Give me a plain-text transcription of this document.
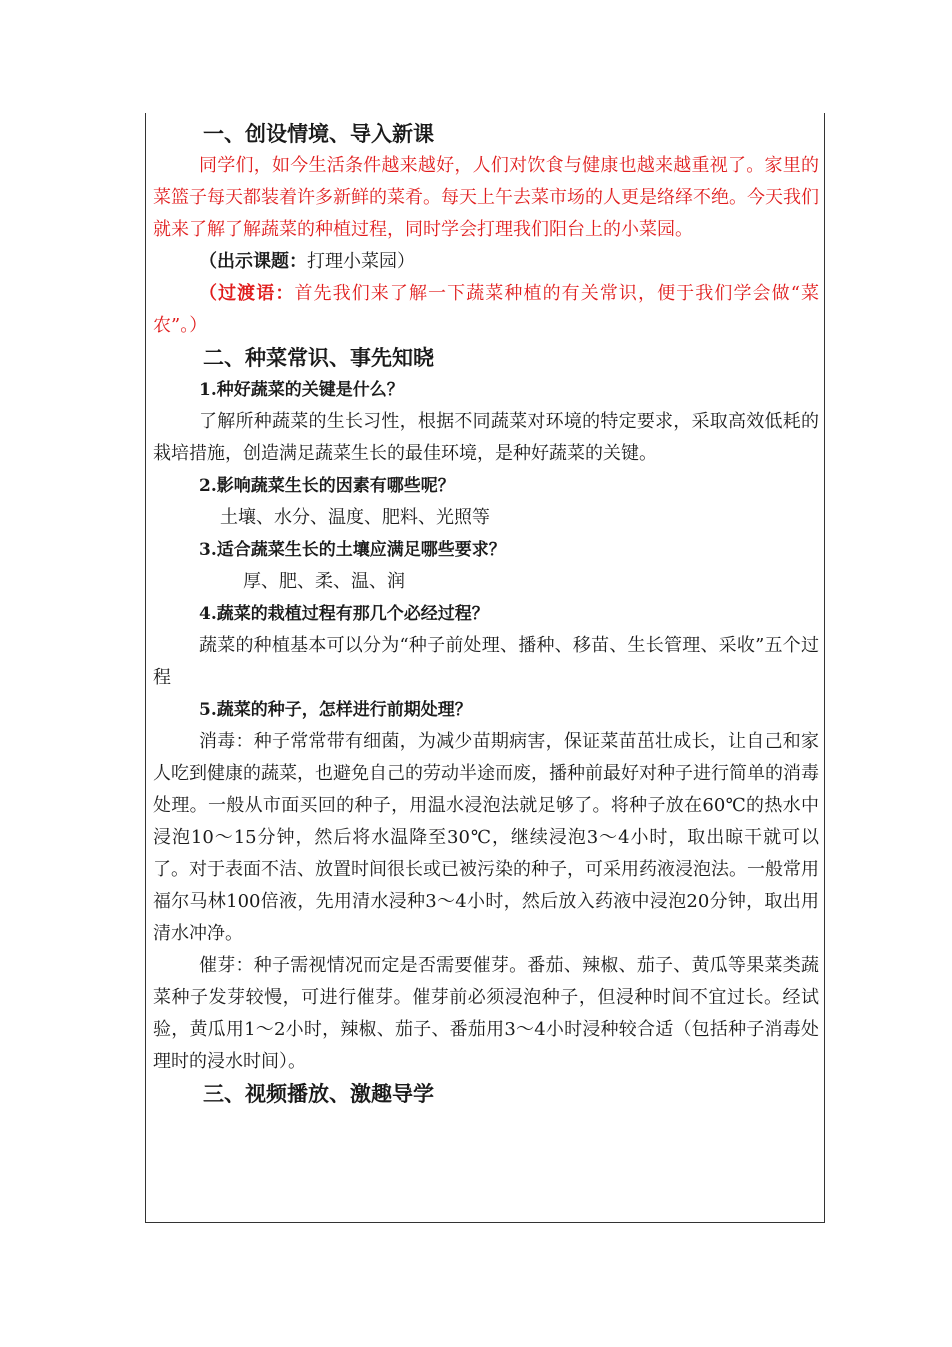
一、创设情境、导入新课

同学们，如今生活条件越来越好，人们对饮食与健康也越来越重视了。家里的菜篮子每天都装着许多新鲜的菜肴。每天上午去菜市场的人更是络绎不绝。今天我们就来了解了解蔬菜的种植过程，同时学会打理我们阳台上的小菜园。

（出示课题：打理小菜园）

（过渡语：首先我们来了解一下蔬菜种植的有关常识，便于我们学会做“菜农”。）

二、种菜常识、事先知晓
1.种好蔬菜的关键是什么？

了解所种蔬菜的生长习性，根据不同蔬菜对环境的特定要求，采取高效低耗的栽培措施，创造满足蔬菜生长的最佳环境，是种好蔬菜的关键。

2.影响蔬菜生长的因素有哪些呢？
土壤、水分、温度、肥料、光照等
3.适合蔬菜生长的土壤应满足哪些要求？
厚、肥、柔、温、润
4.蔬菜的栽植过程有那几个必经过程？

蔬菜的种植基本可以分为“种子前处理、播种、移苗、生长管理、采收”五个过程

5.蔬菜的种子，怎样进行前期处理？

消毒：种子常常带有细菌，为减少苗期病害，保证菜苗茁壮成长，让自己和家人吃到健康的蔬菜，也避免自己的劳动半途而废，播种前最好对种子进行简单的消毒处理。一般从市面买回的种子，用温水浸泡法就足够了。将种子放在60℃的热水中浸泡10～15分钟，然后将水温降至30℃，继续浸泡3～4小时，取出晾干就可以了。对于表面不洁、放置时间很长或已被污染的种子，可采用药液浸泡法。一般常用福尔马林100倍液，先用清水浸种3～4小时，然后放入药液中浸泡20分钟，取出用清水冲净。

催芽：种子需视情况而定是否需要催芽。番茄、辣椒、茄子、黄瓜等果菜类蔬菜种子发芽较慢，可进行催芽。催芽前必须浸泡种子，但浸种时间不宜过长。经试验，黄瓜用1～2小时，辣椒、茄子、番茄用3～4小时浸种较合适（包括种子消毒处理时的浸水时间）。

三、视频播放、激趣导学
